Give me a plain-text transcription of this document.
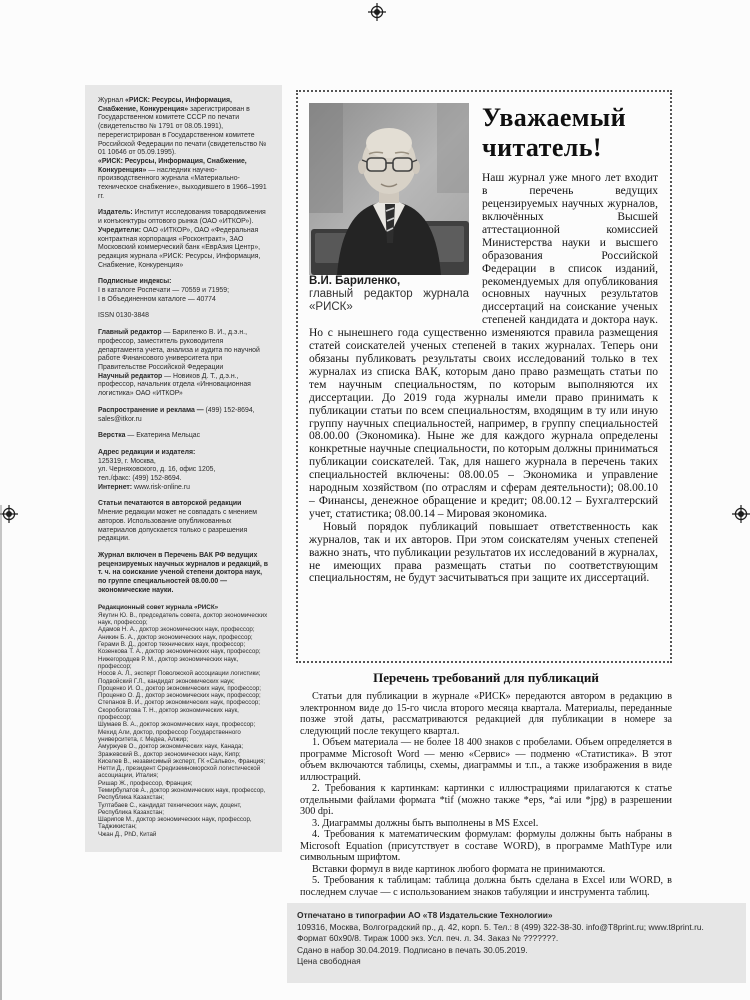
Журнал «РИСК: Ресурсы, Информация, Снабжение, Конкуренция» зарегистрирован в Государственном комитете СССР по печати (свидетельство № 1791 от 08.05.1991), перерегистрирован в Государственном комитете Российской Федерации по печати (свидетельство № 01 10646 от 05.09.1995).

«РИСК: Ресурсы, Информация, Снабжение, Конкуренция» — наследник научно-производственного журнала «Материально-техническое снабжение», выходившего в 1966–1991 гг.

Издатель: Институт исследования товародвижения и конъюнктуры оптового рынка (ОАО «ИТКОР»).

Учредители: ОАО «ИТКОР», ОАО «Федеральная контрактная корпорация «Росконтракт», ЗАО Московский коммерческий банк «ЕврАзия Центр», редакция журнала «РИСК: Ресурсы, Информация, Снабжение, Конкуренция»

Подписные индексы:

I в каталоге Роспечати — 70559 и 71959;

I в Объединенном каталоге — 40774

ISSN 0130-3848

Главный редактор — Бариленко В. И., д.э.н., профессор, заместитель руководителя департамента учета, анализа и аудита по научной работе Финансового университета при Правительстве Российской Федерации

Научный редактор — Новиков Д. Т., д.э.н., профессор, начальник отдела «Инновационная логистика» ОАО «ИТКОР»

Распространение и реклама — (499) 152-8694, sales@itkor.ru

Верстка — Екатерина Мельцас

Адрес редакции и издателя:

125319, г. Москва,

ул. Черняховского, д. 16, офис 1205,

тел./факс: (499) 152-8694.

Интернет: www.risk-online.ru

Статьи печатаются в авторской редакции

Мнение редакции может не совпадать с мнением авторов. Использование опубликованных материалов допускается только с разрешения редакции.

Журнал включен в Перечень ВАК РФ ведущих рецензируемых научных журналов и редакций, в т. ч. на соискание ученой степени доктора наук, по группе специальностей 08.00.00 — экономические науки.

Редакционный совет журнала «РИСК»

Якутин Ю. В., председатель совета, доктор экономических наук, профессор;

Адамов Н. А., доктор экономических наук, профессор;

Аникин Б. А., доктор экономических наук, профессор;

Герами В. Д., доктор технических наук, профессор;

Козенкова Т. А., доктор экономических наук, профессор;

Нижегородцев Р. М., доктор экономических наук, профессор;

Носов А. Л., эксперт Поволжской ассоциации логистики;

Подвойский Г.Л., кандидат экономических наук;

Проценко И. О., доктор экономических наук, профессор;

Проценко О. Д., доктор экономических наук, профессор;

Степанов В. И., доктор экономических наук, профессор;

Скоробогатова Т. Н., доктор экономических наук, профессор;

Шумаев В. А., доктор экономических наук, профессор;

Мехид Али, доктор, профессор Государственного университета, г. Медеа, Алжир;

Амуржуев О., доктор экономических наук, Канада;

Зражевский В., доктор экономических наук, Кипр;

Киселев В., независимый эксперт, ГК «Сальво», Франция;

Нетти Д., президент Средиземноморской логистической ассоциации, Италия;

Ришар Ж., профессор, Франция;

Темирбулатов А., доктор экономических наук, профессор, Республика Казахстан;

Тултабаев С., кандидат технических наук, доцент, Республика Казахстан;

Шарипов М., доктор экономических наук, профессор, Таджикистан;

Чжан Д., PhD, Китай

В.И. Бариленко,

главный редактор журнала «РИСК»

Уважаемый читатель!

Наш журнал уже много лет входит в перечень ведущих рецензируемых научных журналов, включённых Высшей аттестационной комиссией Министерства науки и высшего образования Российской Федерации в список изданий, рекомендуемых для опубликования основных научных результатов диссертаций на соискание ученых степеней кандидата и доктора наук. Но с нынешнего года существенно изменяются правила размещения статей соискателей ученых степеней в таких журналах. Теперь они обязаны публиковать результаты своих исследований только в тех журналах из списка ВАК, которым дано право размещать статьи по тем научным специальностям, по которым выполняются их диссертации. До 2019 года журналы имели право принимать к публикации статьи по всем специальностям, входящим в ту или иную группу научных специальностей, например, в группу специальностей 08.00.00 (Экономика). Ныне же для каждого журнала определены конкретные научные специальности, по которым должны приниматься публикации соискателей. Так, для нашего журнала в перечень таких специальностей включены: 08.00.05 – Экономика и управление народным хозяйством (по отраслям и сферам деятельности); 08.00.10 – Финансы, денежное обращение и кредит; 08.00.12 – Бухгалтерский учет, статистика; 08.00.14 – Мировая экономика.

Новый порядок публикаций повышает ответственность как журналов, так и их авторов. При этом соискателям ученых степеней важно знать, что публикации результатов их исследований в журналах, не имеющих права размещать статьи по соответствующим специальностям, не будут засчитываться при защите их диссертаций.

Перечень требований для публикаций

Статьи для публикации в журнале «РИСК» передаются автором в редакцию в электронном виде до 15-го числа второго месяца квартала. Материалы, переданные позже этой даты, рассматриваются редакцией для публикации в номере за следующий после текущего квартал.

1. Объем материала — не более 18 400 знаков с пробелами. Объем определяется в программе Microsoft Word — меню «Сервис» — подменю «Статистика». В этот объем включаются таблицы, схемы, диаграммы и т.п., а также изображения в виде иллюстраций.

2. Требования к картинкам: картинки с иллюстрациями прилагаются к статье отдельными файлами формата *tif (можно также *eps, *ai или *jpg) в разрешении 300 dpi.

3. Диаграммы должны быть выполнены в MS Excel.

4. Требования к математическим формулам: формулы должны быть набраны в Microsoft Equation (присутствует в составе WORD), в программе MathType или символьным шрифтом.

Вставки формул в виде картинок любого формата не принимаются.

5. Требования к таблицам: таблица должна быть сделана в Excel или WORD, в последнем случае — с использованием знаков табуляции и инструмента таблиц.

Отпечатано в типографии АО «Т8 Издательские Технологии»

109316, Москва, Волгоградский пр., д. 42, корп. 5. Тел.: 8 (499) 322-38-30. info@T8print.ru; www.t8print.ru.

Формат 60x90/8. Тираж 1000 экз. Усл. печ. л. 34. Заказ № ???????.

Сдано в набор 30.04.2019. Подписано в печать 30.05.2019.

Цена свободная
